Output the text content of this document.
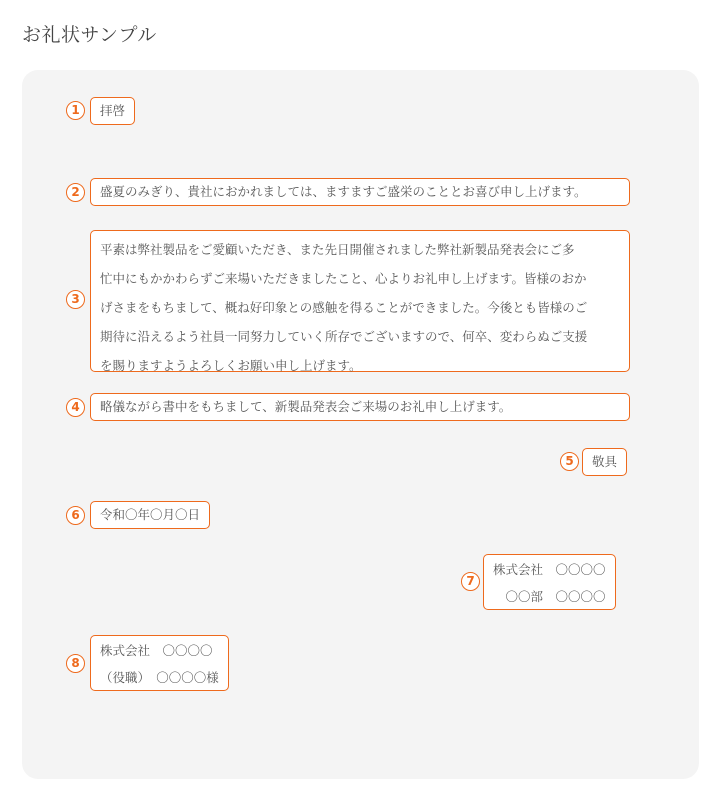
お礼状サンプル
1	拝啓
2	盛夏のみぎり、貴社におかれましては、ますますご盛栄のこととお喜び申し上げます。
3
平素は弊社製品をご愛顧いただき、また先日開催されました弊社新製品発表会にご多
忙中にもかかわらずご来場いただきましたこと、心よりお礼申し上げます。皆様のおか
げさまをもちまして、概ね好印象との感触を得ることができました。今後とも皆様のご
期待に沿えるよう社員一同努力していく所存でございますので、何卒、変わらぬご支援
を賜りますようよろしくお願い申し上げます。
4	略儀ながら書中をもちまして、新製品発表会ご来場のお礼申し上げます。
5	敬具
6	令和〇年〇月〇日
7
株式会社　〇〇〇〇
〇〇部　〇〇〇〇
8
株式会社　〇〇〇〇
（役職）　〇〇〇〇様
